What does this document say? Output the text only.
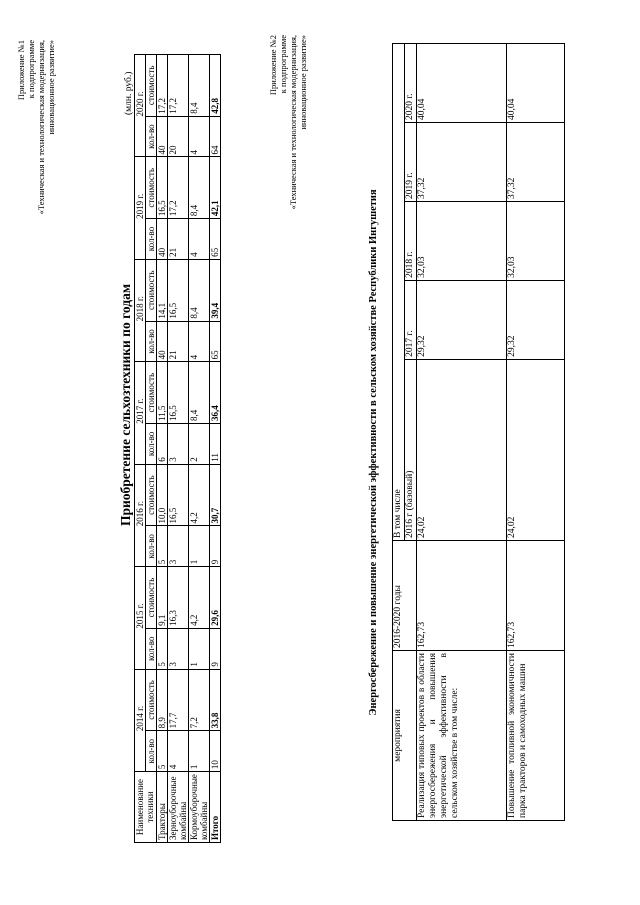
Приложение №1 к подпрограмме «Техническая и технологическая модернизация, инновационное развитие»
Приобретение сельхозтехники по годам
(млн. руб.)
Наименование техники	2014 г.		2015 г.		2016 г.		2017 г.		2018 г.		2019 г.		2020 г.	
	кол-во	стоимость	кол-во	стоимость	кол-во	стоимость	кол-во	стоимость	кол-во	стоимость	кол-во	стоимость	кол-во	стоимость
Тракторы	5	8,9	5	9,1	5	10,0	6	11,5	40	14,1	40	16,5	40	17,2
Зерноуборочные комбайны	4	17,7	3	16,3	3	16,5	3	16,5	21	16,5	21	17,2	20	17,2
Кормоуборочные комбайны	1	7,2	1	4,2	1	4,2	2	8,4	4	8,4	4	8,4	4	8,4
Итого	10	33,8	9	29,6	9	30,7	11	36,4	65	39,4	65	42,1	64	42,8
Приложение №2 к подпрограмме «Техническая и технологическая модернизация, инновационное развитие»
Энергосбережение и повышение энергетической эффективности в сельском хозяйстве Республики Ингушетия
мероприятия	2016-2020 годы	В том числе				
		2016 г (базовый)	2017 г.	2018 г.	2019 г.	2020 г.

Реализация типовых проектов в области энергосбережения и повышения энергетической эффективности в сельском хозяйстве в том числе:	162,73	24,02	29,32	32,03	37,32	40,04
Повышение топливной экономичности парка тракторов и самоходных машин	162,73	24,02	29,32	32,03	37,32	40,04
